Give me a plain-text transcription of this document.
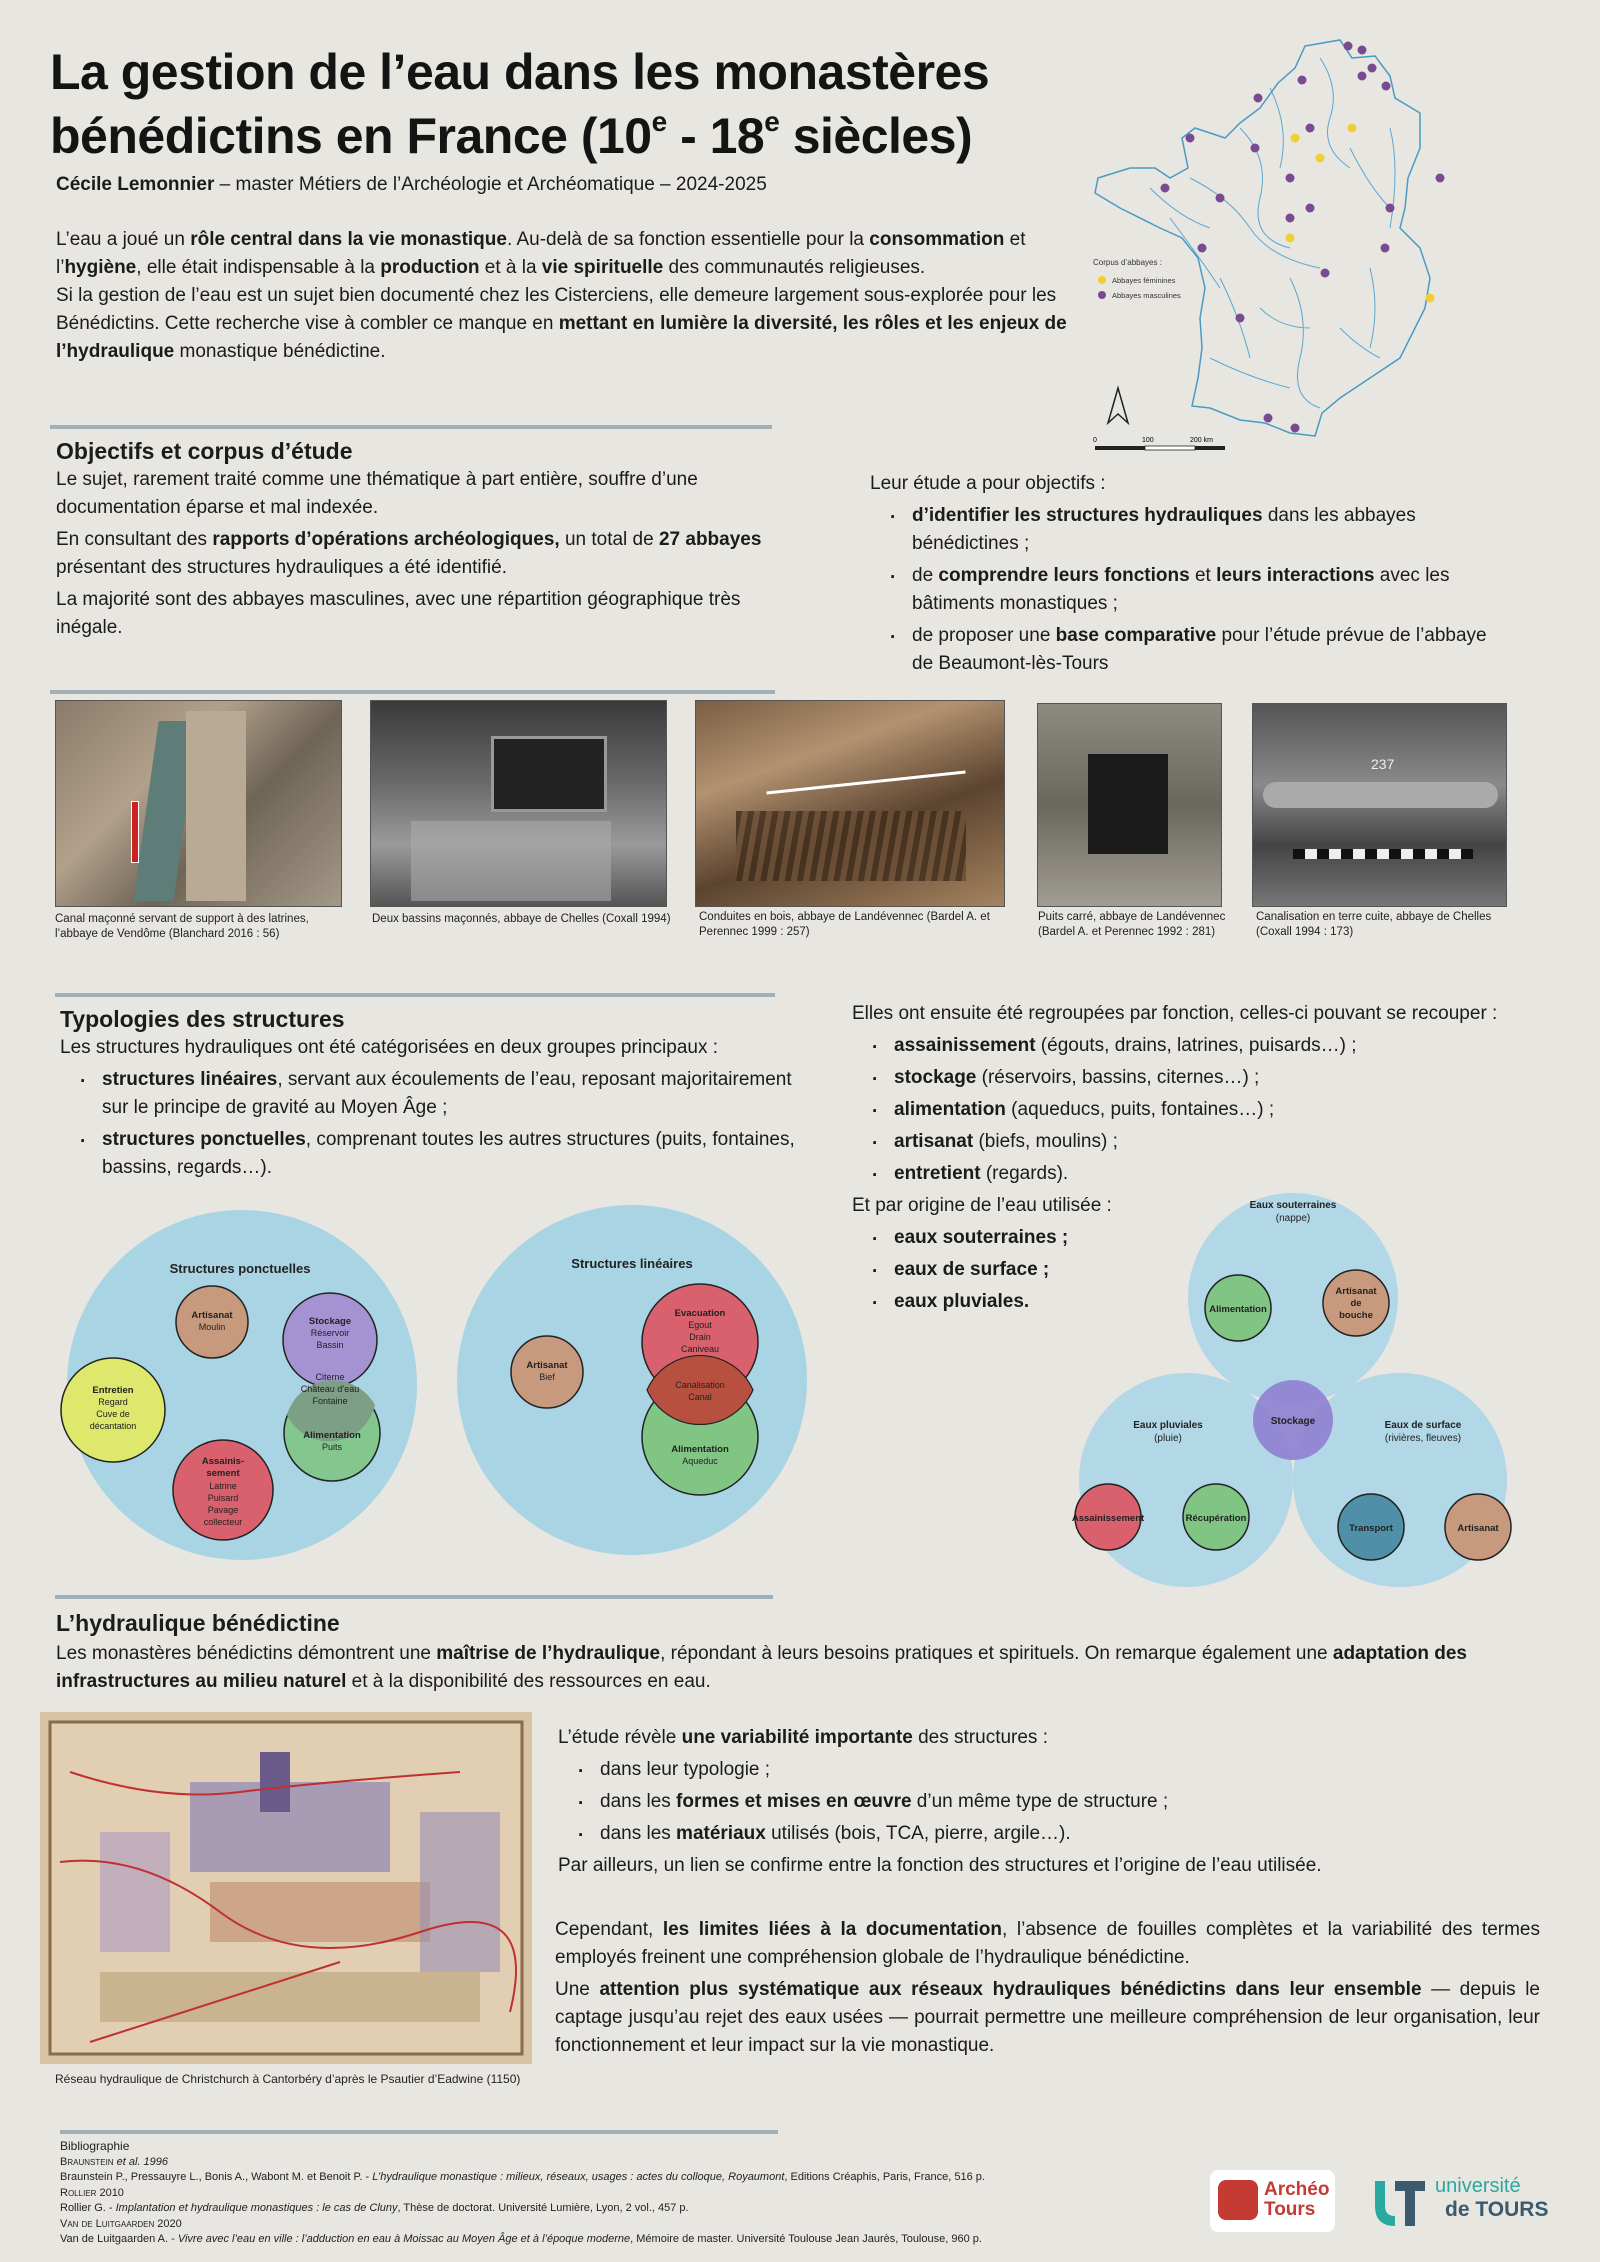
La gestion de l’eau dans les monastères
bénédictins en France (10e - 18e siècles)
Cécile Lemonnier – master Métiers de l’Archéologie et Archéomatique – 2024-2025

L’eau a joué un rôle central dans la vie monastique. Au-delà de sa fonction essentielle pour la consommation et l’hygiène, elle était indispensable à la production et à la vie spirituelle des communautés religieuses.

Si la gestion de l’eau est un sujet bien documenté chez les Cisterciens, elle demeure largement sous-explorée pour les Bénédictins. Cette recherche vise à combler ce manque en mettant en lumière la diversité, les rôles et les enjeux de l’hydraulique monastique bénédictine.

Corpus d’abbayes :
Abbayes féminines
Abbayes masculines
0	100	200 km
Objectifs et corpus d’étude

Le sujet, rarement traité comme une thématique à part entière, souffre d’une documentation éparse et mal indexée.

En consultant des rapports d’opérations archéologiques, un total de 27 abbayes présentant des structures hydrauliques a été identifié.

La majorité sont des abbayes masculines, avec une répartition géographique très inégale.

Leur étude a pour objectifs :

. d’identifier les structures hydrauliques dans les abbayes bénédictines ;
. de comprendre leurs fonctions et leurs interactions avec les bâtiments monastiques ;
. de proposer une base comparative pour l’étude prévue de l’abbaye de Beaumont-lès-Tours
Canal maçonné servant de support à des latrines, l’abbaye de Vendôme (Blanchard 2016 : 56)
Deux bassins maçonnés, abbaye de Chelles (Coxall 1994) Conduites en bois, abbaye de Landévennec (Bardel A. et Perennec 1999 : 257)
Puits carré, abbaye de Landévennec (Bardel A. et Perennec 1992 : 281)
237
Canalisation en terre cuite, abbaye de Chelles (Coxall 1994 : 173)
Typologies des structures

Les structures hydrauliques ont été catégorisées en deux groupes principaux :

. structures linéaires, servant aux écoulements de l’eau, reposant majoritairement sur le principe de gravité au Moyen Âge ;
. structures ponctuelles, comprenant toutes les autres structures (puits, fontaines, bassins, regards…).

Elles ont ensuite été regroupées par fonction, celles-ci pouvant se recouper :

. assainissement (égouts, drains, latrines, puisards…) ;
. stockage (réservoirs, bassins, citernes…) ;
. alimentation (aqueducs, puits, fontaines…) ;
. artisanat (biefs, moulins) ;
. entretient (regards).

Et par origine de l’eau utilisée :

. eaux souterraines ;
. eaux de surface ;
. eaux pluviales.
Structures ponctuelles
Artisanat
Moulin	Stockage
Réservoir
Bassin
Entretien
Regard
Cuve de
décantation
Citerne
Château d’eau
Fontaine
Alimentation
Puits
Assainis-
sement
Latrine
Puisard
Pavage
collecteur
Structures linéaires
Artisanat
Bief
Evacuation
Egout
Drain
Caniveau
Canalisation
Canal
Alimentation
Aqueduc
Stockage
Eaux souterraines
(nappe)
Alimentation
Artisanat
de
bouche
Eaux pluviales
(pluie)
Assainissement	Récupération
Eaux de surface
(rivières, fleuves)
Transport	Artisanat
L’hydraulique bénédictine
Les monastères bénédictins démontrent une maîtrise de l’hydraulique, répondant à leurs besoins pratiques et spirituels. On remarque également une adaptation des infrastructures au milieu naturel et à la disponibilité des ressources en eau.
Réseau hydraulique de Christchurch à Cantorbéry d’après le Psautier d’Eadwine (1150)

L’étude révèle une variabilité importante des structures :

. dans leur typologie ;
. dans les formes et mises en œuvre d’un même type de structure ;
. dans les matériaux utilisés (bois, TCA, pierre, argile…).

Par ailleurs, un lien se confirme entre la fonction des structures et l’origine de l’eau utilisée.

Cependant, les limites liées à la documentation, l’absence de fouilles complètes et la variabilité des termes employés freinent une compréhension globale de l’hydraulique bénédictine.

Une attention plus systématique aux réseaux hydrauliques bénédictins dans leur ensemble — depuis le captage jusqu’au rejet des eaux usées — pourrait permettre une meilleure compréhension de leur organisation, leur fonctionnement et leur impact sur la vie monastique.

Bibliographie
Braunstein et al. 1996
Braunstein P., Pressauyre L., Bonis A., Wabont M. et Benoit P. - L’hydraulique monastique : milieux, réseaux, usages : actes du colloque, Royaumont, Editions Créaphis, Paris, France, 516 p.
Rollier 2010
Rollier G. - Implantation et hydraulique monastiques : le cas de Cluny, Thèse de doctorat. Université Lumière, Lyon, 2 vol., 457 p.
Van de Luitgaarden 2020
Van de Luitgaarden A. - Vivre avec l’eau en ville : l’adduction en eau à Moissac au Moyen Âge et à l’époque moderne, Mémoire de master. Université Toulouse Jean Jaurès, Toulouse, 960 p.
Archéo
Tours
université
de TOURS
